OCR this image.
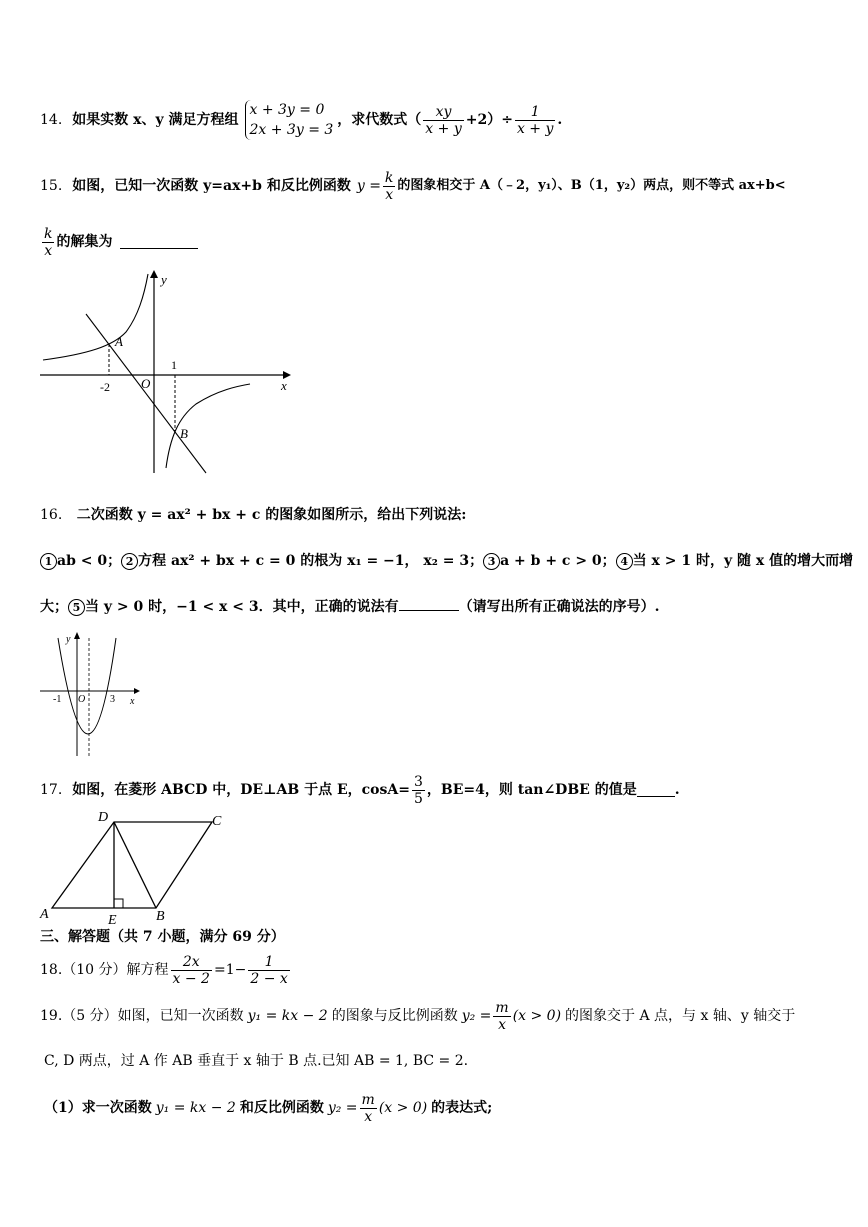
14. 如果实数 x、y 满足方程组
x + 3y = 0
2x + 3y = 3
，求代数式（ $\frac{xy}{x + y} +2)\div \frac{1}{x + y}$ .
15. 如图，已知一次函数 y=ax+b 和反比例函数 $y = \frac{k}{x}$ 的图象相交于 A（﹣2，y₁）、B（1，y₂）两点，则不等式 ax+b<
$\frac{k}{x}$ 的解集为
y
x
O
A
B
-2
1
16. 二次函数 y = ax² + bx + c 的图象如图所示，给出下列说法:
1 ab < 0； 2 方程 ax² + bx + c = 0 的根为 x₁ = −1， x₂ = 3； 3 a + b + c > 0； 4 当 x > 1 时，y 随 x 值的增大而增
大； 5 当 y > 0 时，−1 < x < 3．其中，正确的说法有	（请写出所有正确说法的序号）.
y
x
O
-1	3
17. 如图，在菱形 ABCD 中，DE⊥AB 于点 E，$\cos A= \frac{3}{5}$ ，BE=4，则 tan∠DBE 的值是	.
D	C
A	E	B
三、解答题（共 7 小题，满分 69 分）
18. （10 分）解方程 $\frac{2x}{x - 2} =1- \frac{1}{2 - x}$
19. （5 分）如图，已知一次函数 y₁ = kx − 2 的图象与反比例函数 $y_2 = \frac{m}{x} (x > 0)$ 的图象交于 A 点，与 x 轴、y 轴交于
C, D 两点，过 A 作 AB 垂直于 x 轴于 B 点.已知 AB = 1, BC = 2.
（1）求一次函数 y₁ = kx − 2 和反比例函数 $y_2 = \frac{m}{x} (x > 0)$ 的表达式;
